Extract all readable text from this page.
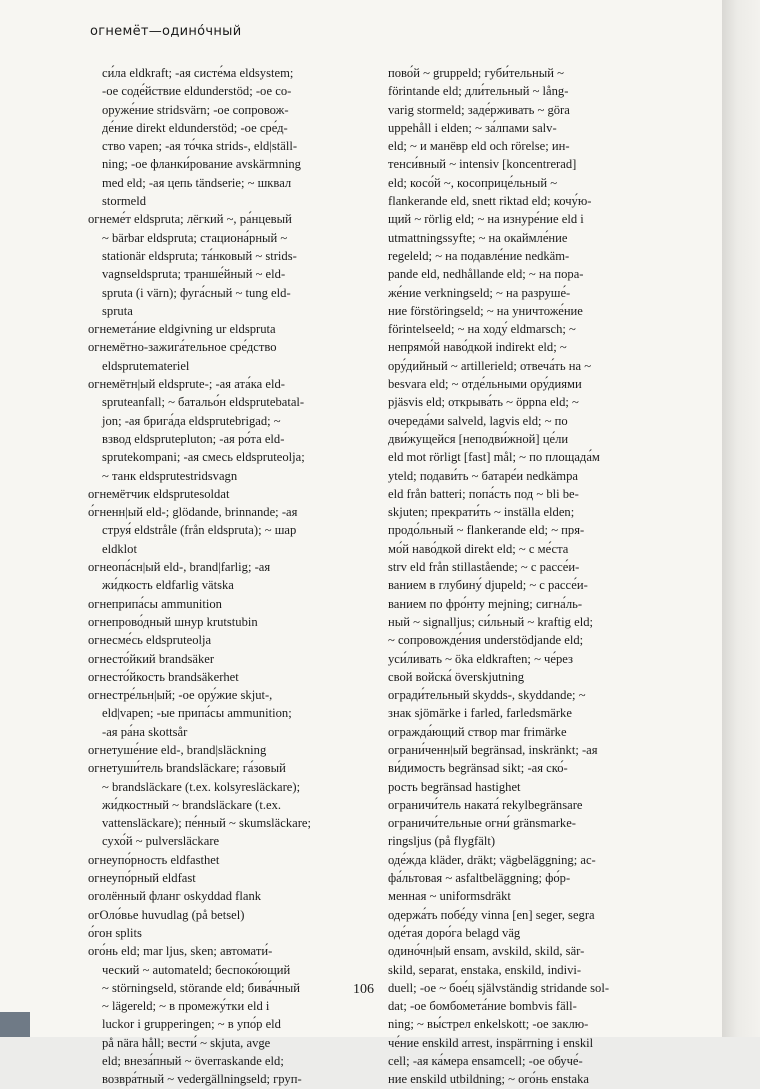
огнемёт—одино́чный
си́ла eldkraft; -ая систе́ма eldsystem;
-ое соде́йствие eldunderstöd; -ое со-
оруже́ние stridsvärn; -ое сопровож-
де́ние direkt eldunderstöd; -ое сре́д-
ство vapen; -ая то́чка strids-, eld|ställ-
ning; -ое фланки́рование avskärmning
med eld; -ая цепь tändserie; ~ шквал
stormeld
огнеме́т eldspruta; лёгкий ~, ра́нцевый
~ bärbar eldspruta; стациона́рный ~
stationär eldspruta; та́нковый ~ strids-
vagnseldspruta; транше́йный ~ eld-
spruta (i värn); фуга́сный ~ tung eld-
spruta
огнемета́ние eldgivning ur eldspruta
огнемётно-зажига́тельное сре́дство
eldsprutemateriel
огнемётн|ый eldsprute-; -ая ата́ка eld-
spruteanfall; ~ батальо́н eldsprutebatal-
jon; -ая брига́да eldsprutebrigad; ~
взвод eldsprutepluton; -ая ро́та eld-
sprutekompani; -ая смесь eldspruteolja;
~ танк eldsprutestridsvagn
огнемётчик eldsprutesoldat
о́гненн|ый eld-; glödande, brinnande; -ая
струя́ eldstråle (från eldspruta); ~ шар
eldklot
огнеопа́сн|ый eld-, brand|farlig; -ая
жи́дкость eldfarlig vätska
огнеприпа́сы ammunition
огнепрово́дный шнур krutstubin
огнесме́сь eldspruteolja
огнесто́йкий brandsäker
огнесто́йкость brandsäkerhet
огнестре́льн|ый; -ое ору́жие skjut-,
eld|vapen; -ые припа́сы ammunition;
-ая ра́на skottsår
огнетуше́ние eld-, brand|släckning
огнетуши́тель brandsläckare; га́зовый
~ brandsläckare (t.ex. kolsyresläckare);
жи́дкостный ~ brandsläckare (t.ex.
vattensläckare); пе́нный ~ skumsläckare;
сухо́й ~ pulversläckare
огнеупо́рность eldfasthet
огнеупо́рный eldfast
оголённый фланг oskyddad flank
огОло́вье huvudlag (på betsel)
о́гон splits
ого́нь eld; mar ljus, sken; автомати́-
ческий ~ automateld; беспоко́ющий
~ störningseld, störande eld; бива́чный
~ lägereld; ~ в промежу́тки eld i
luckor i grupperingen; ~ в упо́р eld
på nära håll; вести́ ~ skjuta, avge
eld; внеза́пный ~ överraskande eld;
возвра́тный ~ vedergällningseld; груп-
пово́й ~ gruppeld; губи́тельный ~
förintande eld; дли́тельный ~ lång-
varig stormeld; заде́рживать ~ göra
uppehåll i elden; ~ за́лпами salv-
eld; ~ и манёвр eld och rörelse; ин-
тенси́вный ~ intensiv [koncentrerad]
eld; косо́й ~, косоприце́льный ~
flankerande eld, snett riktad eld; кочу́ю-
щий ~ rörlig eld; ~ на изнуре́ние eld i
utmattningssyfte; ~ на окайм​ле́ние
regeleld; ~ на подавле́ние nedkäm-
pande eld, nedhållande eld; ~ на пора-
же́ние verkningseld; ~ на разруше́-
ние förstöringseld; ~ на уничтоже́ние
förintelseeld; ~ на ходу́ eldmarsch; ~
непрямо́й наво́дкой indirekt eld; ~
ору́дийный ~ artillerield; отвеча́ть на ~
besvara eld; ~ отде́льными ору́диями
pjäsvis eld; открыва́ть ~ öppna eld; ~
очереда́ми salveld, lagvis eld; ~ по
дви́жущейся [неподви́жной] це́ли
eld mot rörligt [fast] mål; ~ по площада́м
yteld; подави́ть ~ батаре́и nedkämpa
eld från batteri; попа́сть под ~ bli be-
skjuten; прекрати́ть ~ inställa elden;
продо́льный ~ flankerande eld; ~ пря-
мо́й наво́дкой direkt eld; ~ с ме́ста
strv eld från stillastående; ~ с рассе́и-
ванием в глубину́ djupeld; ~ с рассе́и-
ванием по фро́нту mejning; сигна́ль-
ный ~ signalljus; си́льный ~ kraftig eld;
~ сопровожде́ния understödjande eld;
уси́ливать ~ öka eldkraften; ~ че́рез
свой войска́ överskjutning
огради́тельный skydds-, skyddande; ~
знак sjömärke i farled, farledsmärke
огражда́ющий створ mar frimärke
ограни́ченн|ый begränsad, inskränkt; -ая
ви́димость begränsad sikt; -ая ско́-
рость begränsad hastighet
ограничи́тель наката́ rekylbegränsare
ограничи́тельные огни́ gränsmarke-
ringsljus (på flygfält)
оде́жда kläder, dräkt; vägbeläggning; ас-
фа́льтовая ~ asfaltbeläggning; фо́р-
менная ~ uniformsdräkt
одержа́ть побе́ду vinna [en] seger, segra
оде́тая доро́га belagd väg
одино́чн|ый ensam, avskild, skild, sär-
skild, separat, enstaka, enskild, indivi-
duell; -ое ~ бое́ц självständig stridande sol-
dat; -ое бомбомета́ние bombvis fäll-
ning; ~ вы́стрел enkelskott; -ое заклю-
че́ние enskild arrest, inspärrning i enskil
cell; -ая ка́мера ensamcell; -ое обуче́-
ние enskild utbildning; ~ ого́нь enstaka
106
